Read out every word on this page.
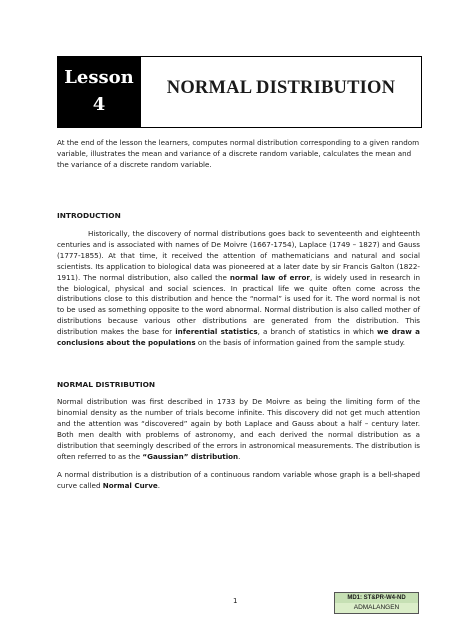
Lesson
4
NORMAL DISTRIBUTION

At the end of the lesson the learners, computes normal distribution corresponding to a given random variable, illustrates the mean and variance of a discrete random variable, calculates the mean and the variance of a discrete random variable.

INTRODUCTION

Historically, the discovery of normal distributions goes back to seventeenth and eighteenth centuries and is associated with names of De Moivre (1667-1754), Laplace (1749 – 1827) and Gauss (1777-1855). At that time, it received the attention of mathematicians and natural and social scientists. Its application to biological data was pioneered at a later date by sir Francis Galton (1822-1911). The normal distribution, also called the normal law of error, is widely used in research in the biological, physical and social sciences. In practical life we quite often come across the distributions close to this distribution and hence the “normal” is used for it. The word normal is not to be used as something opposite to the word abnormal. Normal distribution is also called mother of distributions because various other distributions are generated from the distribution. This distribution makes the base for inferential statistics, a branch of statistics in which we draw a conclusions about the populations on the basis of information gained from the sample study.

NORMAL DISTRIBUTION

Normal distribution was first described in 1733 by De Moivre as being the limiting form of the binomial density as the number of trials become infinite. This discovery did not get much attention and the attention was “discovered” again by both Laplace and Gauss about a half – century later. Both men dealth with problems of astronomy, and each derived the normal distribution as a distribution that seemingly described of the errors in astronomical measurements. The distribution is often referred to as the “Gaussian” distribution.

A normal distribution is a distribution of a continuous random variable whose graph is a bell-shaped curve called Normal Curve.

1	MD1: ST&PR-W4-ND
ADMALANGEN
